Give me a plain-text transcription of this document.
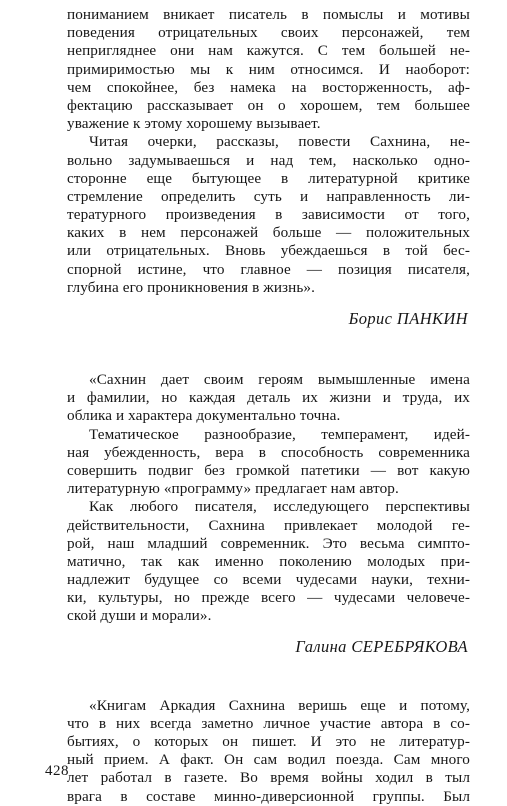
пониманием вникает писатель в помыслы и мотивы
поведения отрицательных своих персонажей, тем
непригляднее они нам кажутся. С тем большей не-
примиримостью мы к ним относимся. И наоборот:
чем спокойнее, без намека на восторженность, аф-
фектацию рассказывает он о хорошем, тем большее
уважение к этому хорошему вызывает.
Читая очерки, рассказы, повести Сахнина, не-
вольно задумываешься и над тем, насколько одно-
сторонне еще бытующее в литературной критике
стремление определить суть и направленность ли-
тературного произведения в зависимости от того,
каких в нем персонажей больше — положительных
или отрицательных. Вновь убеждаешься в той бес-
спорной истине, что главное — позиция писателя,
глубина его проникновения в жизнь».
Борис ПАНКИН
«Сахнин дает своим героям вымышленные имена
и фамилии, но каждая деталь их жизни и труда, их
облика и характера документально точна.
Тематическое разнообразие, темперамент, идей-
ная убежденность, вера в способность современника
совершить подвиг без громкой патетики — вот какую
литературную «программу» предлагает нам автор.
Как любого писателя, исследующего перспективы
действительности, Сахнина привлекает молодой ге-
рой, наш младший современник. Это весьма симпто-
матично, так как именно поколению молодых при-
надлежит будущее со всеми чудесами науки, техни-
ки, культуры, но прежде всего — чудесами человече-
ской души и морали».
Галина СЕРЕБРЯКОВА
«Книгам Аркадия Сахнина веришь еще и потому,
что в них всегда заметно личное участие автора в со-
бытиях, о которых он пишет. И это не литератур-
ный прием. А факт. Он сам водил поезда. Сам много
лет работал в газете. Во время войны ходил в тыл
врага в составе минно-диверсионной группы. Был
428
